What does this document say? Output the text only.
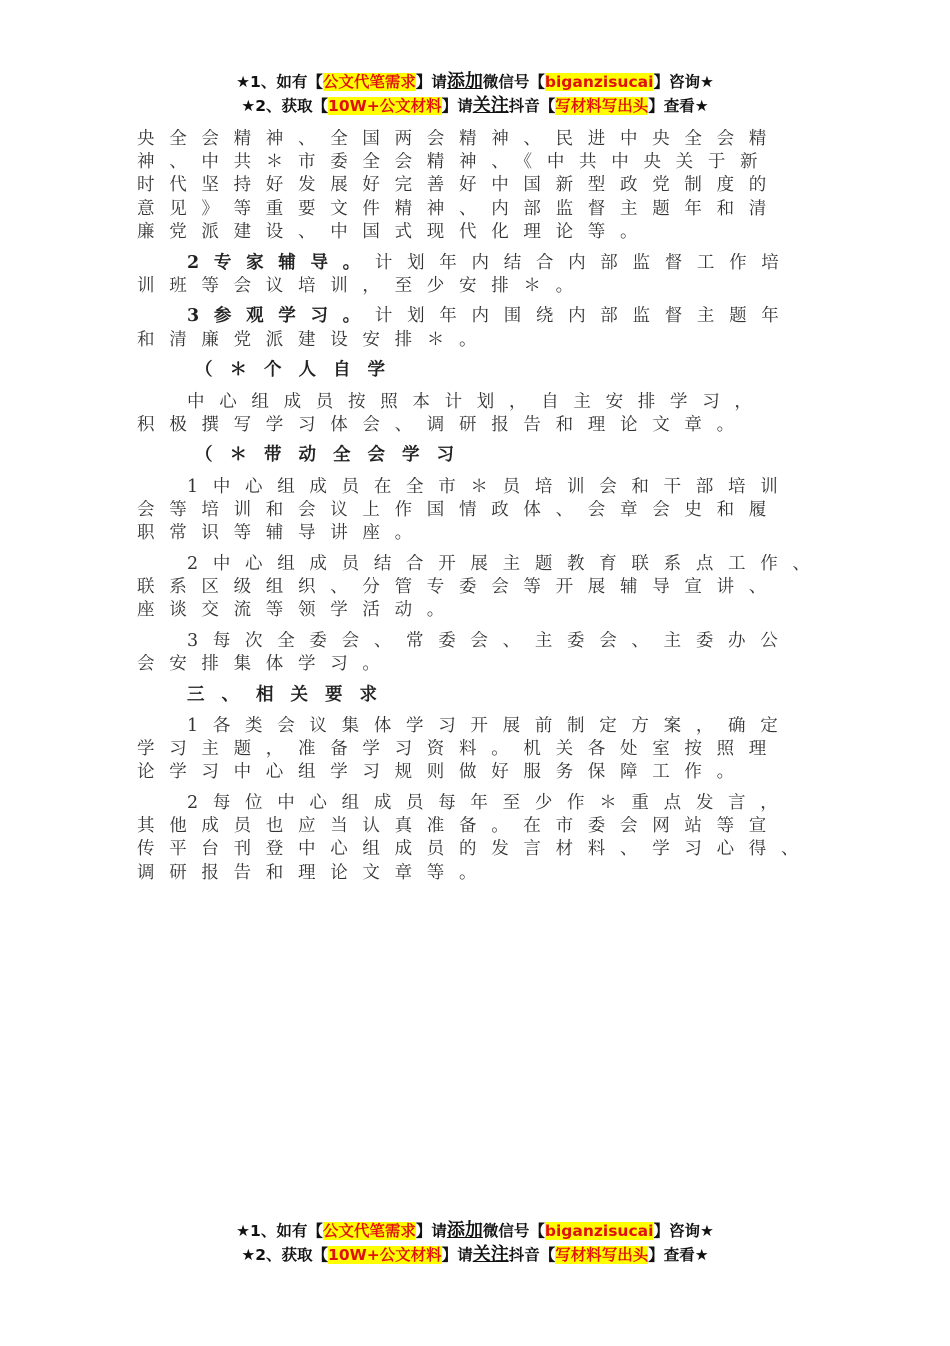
★1、如有【公文代笔需求】请添加微信号【biganzisucai】咨询★
★2、获取【10W+公文材料】请关注抖音【写材料写出头】查看★
央全会精神、全国两会精神、民进中央全会精
神、中共＊市委全会精神、《中共中央关于新
时代坚持好发展好完善好中国新型政党制度的
意见》等重要文件精神、内部监督主题年和清
廉党派建设、中国式现代化理论等。
2专家辅导。计划年内结合内部监督工作培
训班等会议培训，至少安排＊。
3参观学习。计划年内围绕内部监督主题年
和清廉党派建设安排＊。
（＊个人自学
中心组成员按照本计划，自主安排学习，
积极撰写学习体会、调研报告和理论文章。
（＊带动全会学习
1中心组成员在全市＊员培训会和干部培训
会等培训和会议上作国情政体、会章会史和履
职常识等辅导讲座。
2中心组成员结合开展主题教育联系点工作、
联系区级组织、分管专委会等开展辅导宣讲、
座谈交流等领学活动。
3每次全委会、常委会、主委会、主委办公
会安排集体学习。
三、相关要求
1各类会议集体学习开展前制定方案，确定
学习主题，准备学习资料。机关各处室按照理
论学习中心组学习规则做好服务保障工作。
2每位中心组成员每年至少作＊重点发言，
其他成员也应当认真准备。在市委会网站等宣
传平台刊登中心组成员的发言材料、学习心得、
调研报告和理论文章等。
★1、如有【公文代笔需求】请添加微信号【biganzisucai】咨询★
★2、获取【10W+公文材料】请关注抖音【写材料写出头】查看★
